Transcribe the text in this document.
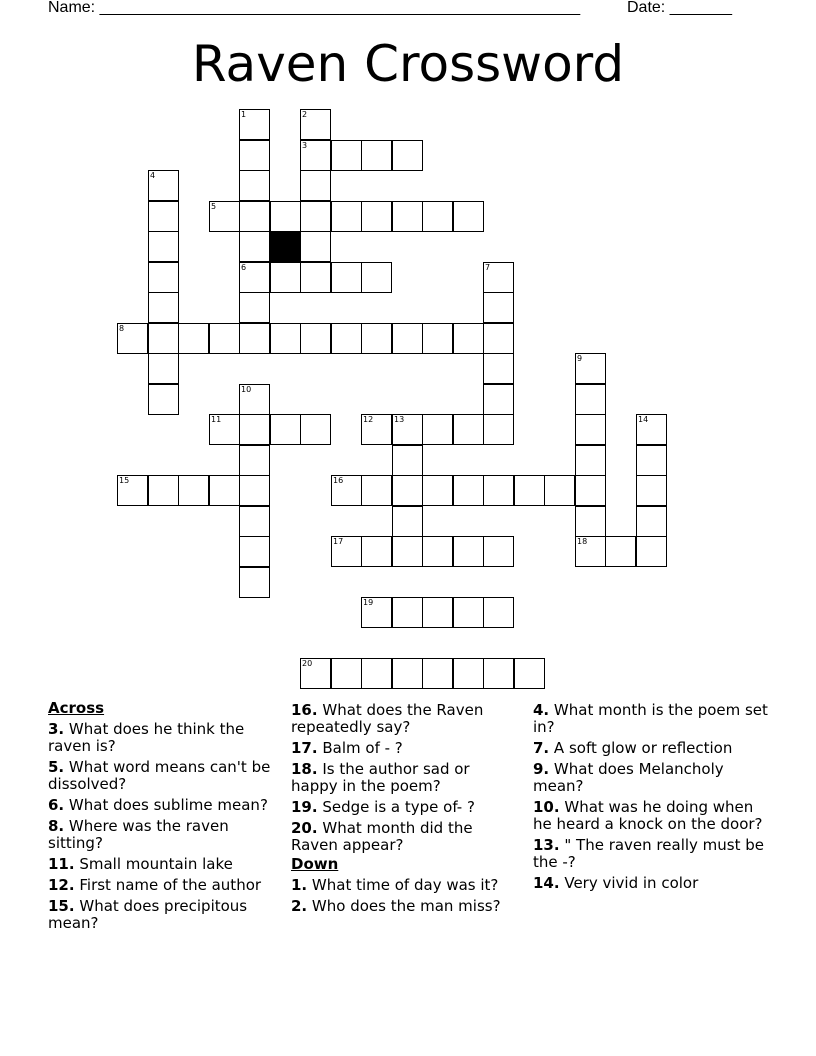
Name: ______________________________________________________	Date: _______
Raven Crossword
1
6
2
3
4
5
7
8
9
18
10
11	12	13	14
15	16
17
19
20
Across
3. What does he think the raven is?
5. What word means can't be dissolved?
6. What does sublime mean?
8. Where was the raven sitting?
11. Small mountain lake
12. First name of the author
15. What does precipitous mean?
16. What does the Raven repeatedly say?
17. Balm of - ?
18. Is the author sad or happy in the poem?
19. Sedge is a type of- ?
20. What month did the Raven appear?
Down
1. What time of day was it?
2. Who does the man miss?
4. What month is the poem set in?
7. A soft glow or reflection
9. What does Melancholy mean?
10. What was he doing when he heard a knock on the door?
13. " The raven really must be the -?
14. Very vivid in color
